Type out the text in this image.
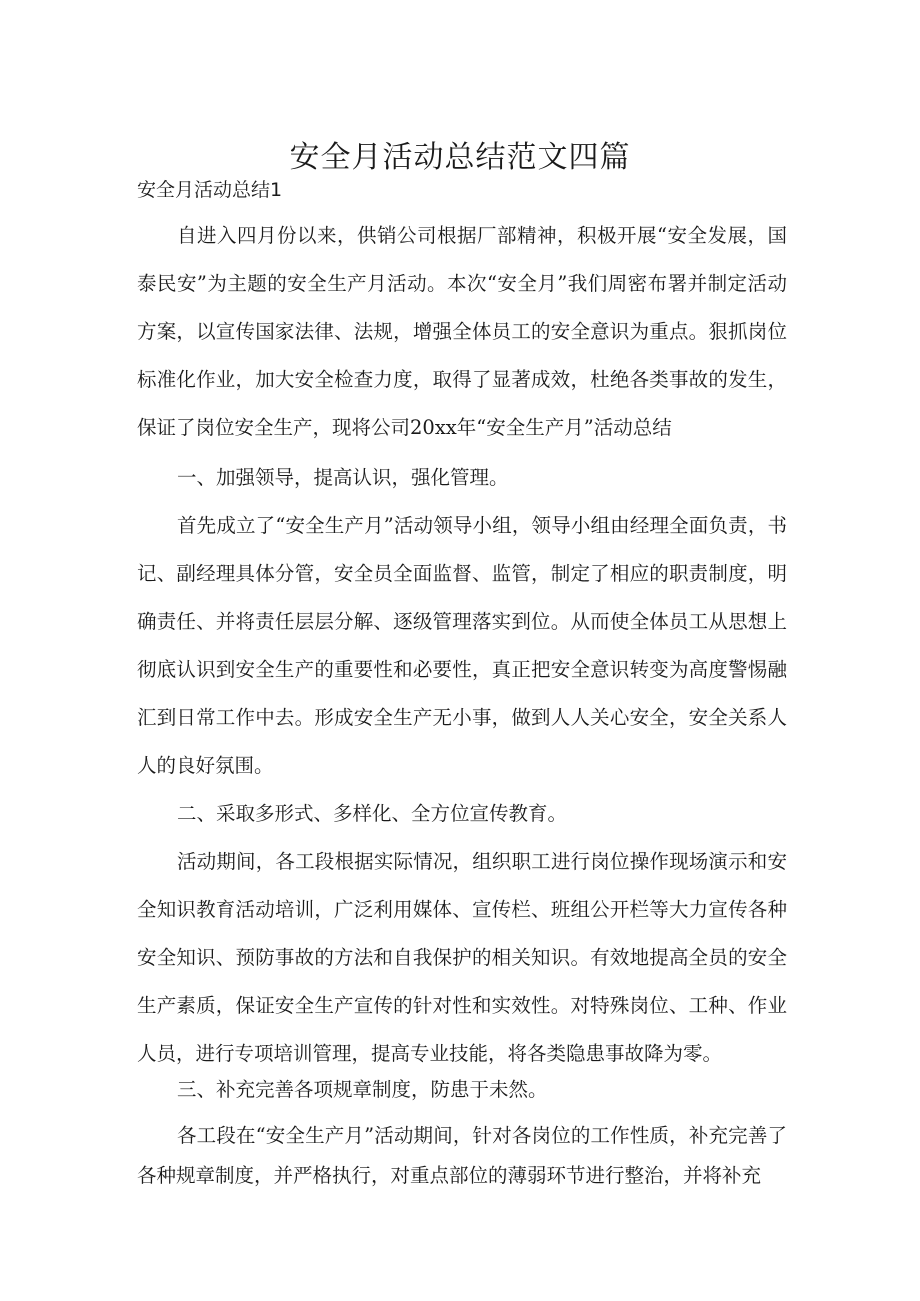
安全月活动总结范文四篇
安全月活动总结1

自进入四月份以来，供销公司根据厂部精神，积极开展“安全发展，国泰民安”为主题的安全生产月活动。本次“安全月”我们周密布署并制定活动方案，以宣传国家法律、法规，增强全体员工的安全意识为重点。狠抓岗位标准化作业，加大安全检查力度，取得了显著成效，杜绝各类事故的发生，保证了岗位安全生产，现将公司20xx年“安全生产月”活动总结

一、加强领导，提高认识，强化管理。

首先成立了“安全生产月”活动领导小组，领导小组由经理全面负责，书记、副经理具体分管，安全员全面监督、监管，制定了相应的职责制度，明确责任、并将责任层层分解、逐级管理落实到位。从而使全体员工从思想上彻底认识到安全生产的重要性和必要性，真正把安全意识转变为高度警惕融汇到日常工作中去。形成安全生产无小事，做到人人关心安全，安全关系人人的良好氛围。

二、采取多形式、多样化、全方位宣传教育。

活动期间，各工段根据实际情况，组织职工进行岗位操作现场演示和安全知识教育活动培训，广泛利用媒体、宣传栏、班组公开栏等大力宣传各种安全知识、预防事故的方法和自我保护的相关知识。有效地提高全员的安全生产素质，保证安全生产宣传的针对性和实效性。对特殊岗位、工种、作业人员，进行专项培训管理，提高专业技能，将各类隐患事故降为零。

三、补充完善各项规章制度，防患于未然。

各工段在“安全生产月”活动期间，针对各岗位的工作性质，补充完善了各种规章制度，并严格执行，对重点部位的薄弱环节进行整治，并将补充
